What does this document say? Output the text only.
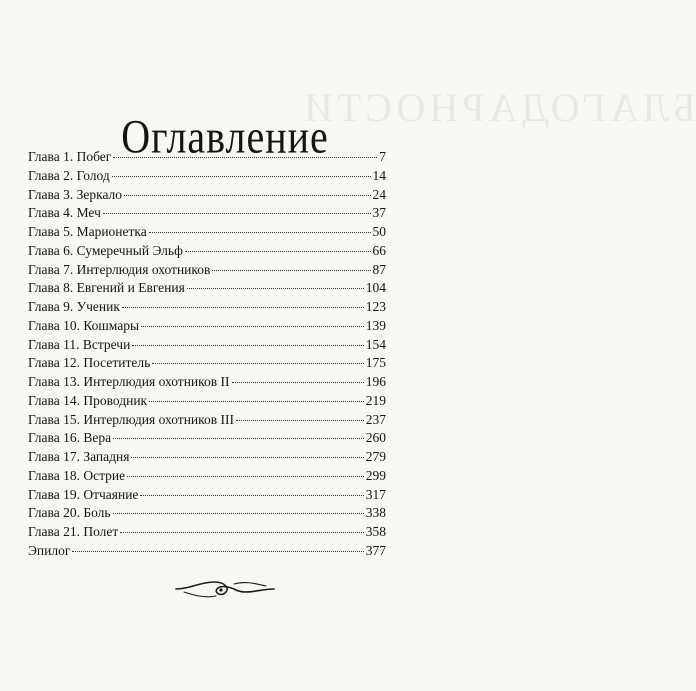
БЛАГОДАРНОСТИ
Оглавление
Глава 1. Побег	7
Глава 2. Голод	14
Глава 3. Зеркало	24
Глава 4. Меч	37
Глава 5. Марионетка	50
Глава 6. Сумеречный Эльф	66
Глава 7. Интерлюдия охотников	87
Глава 8. Евгений и Евгения	104
Глава 9. Ученик	123
Глава 10. Кошмары	139
Глава 11. Встречи	154
Глава 12. Посетитель	175
Глава 13. Интерлюдия охотников II	196
Глава 14. Проводник	219
Глава 15. Интерлюдия охотников III	237
Глава 16. Вера	260
Глава 17. Западня	279
Глава 18. Острие	299
Глава 19. Отчаяние	317
Глава 20. Боль	338
Глава 21. Полет	358
Эпилог	377
